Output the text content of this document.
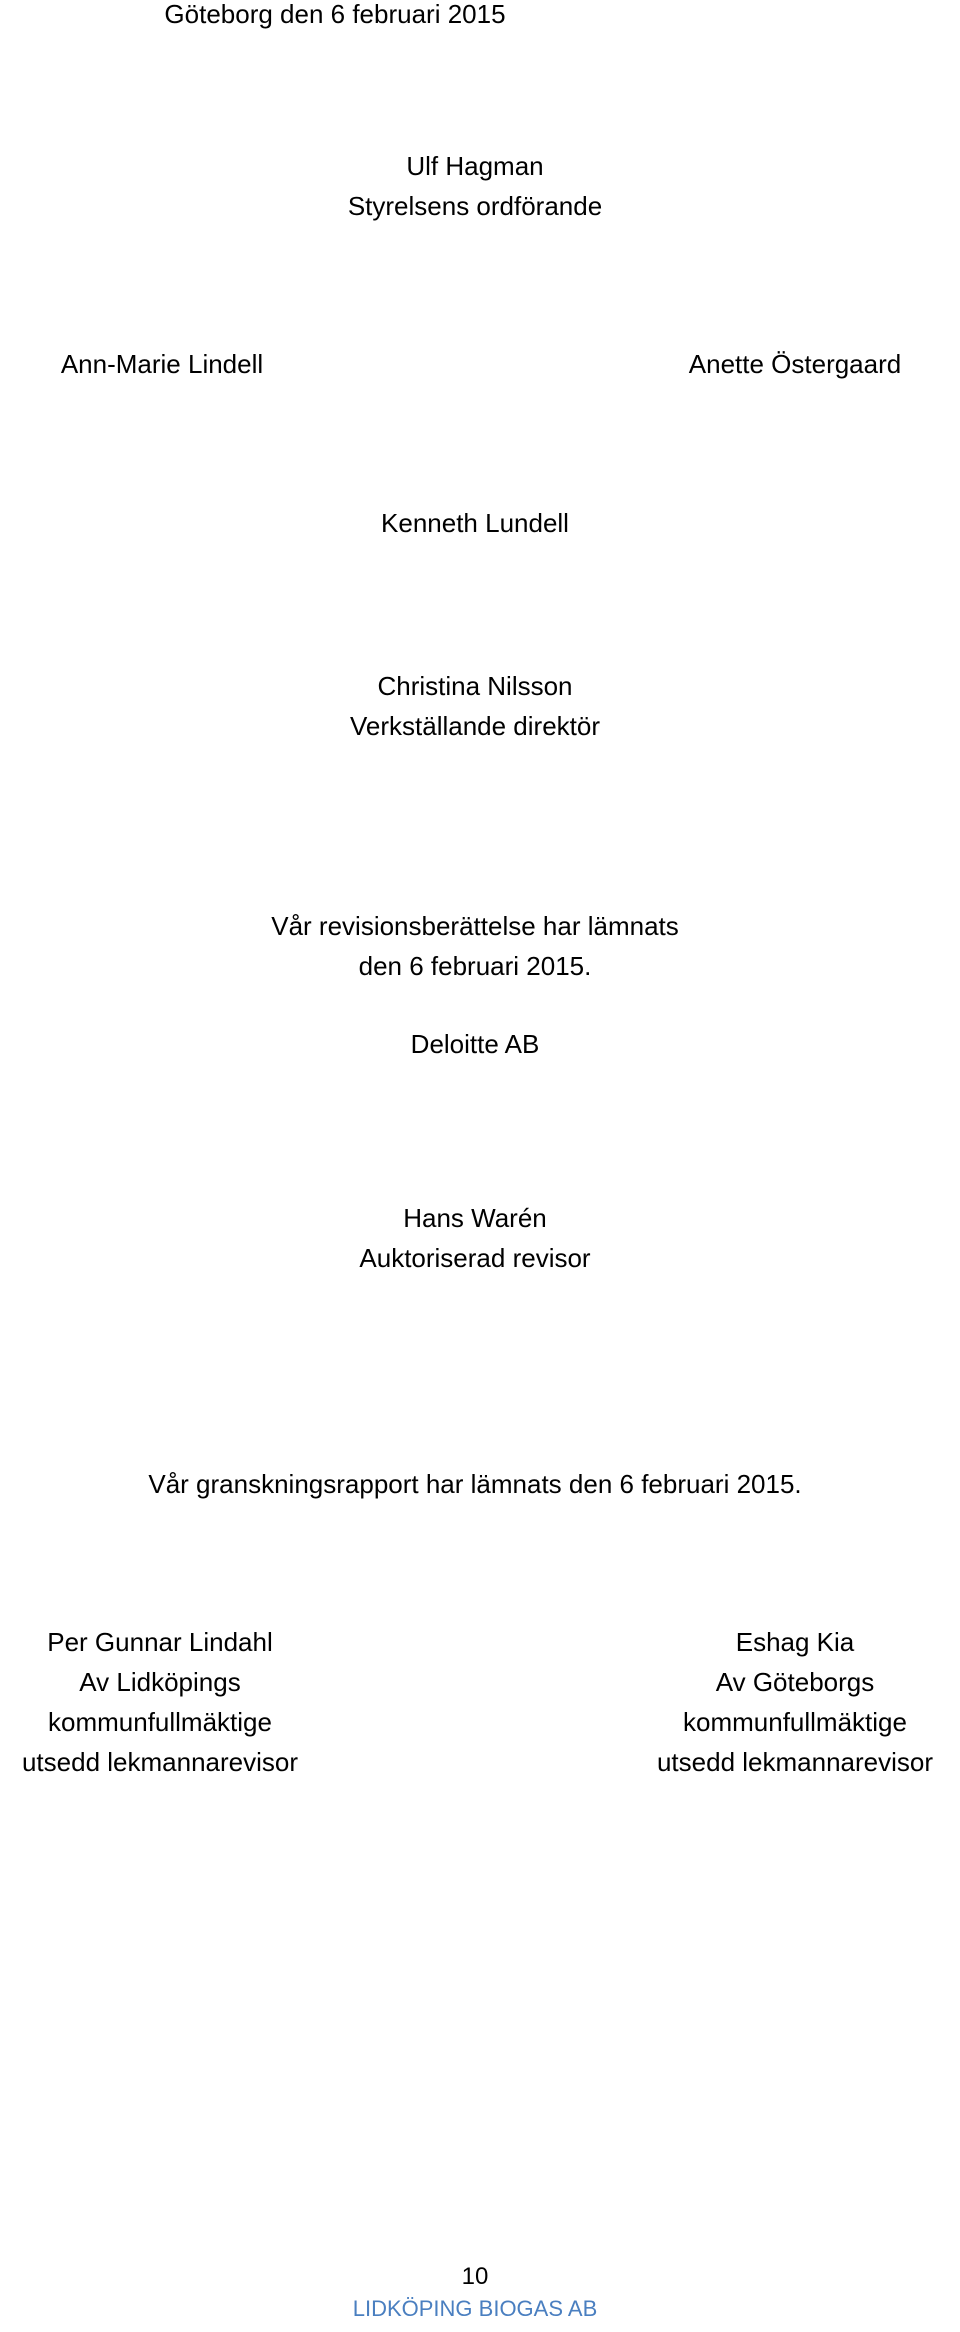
Göteborg den 6 februari 2015
Ulf Hagman
Styrelsens ordförande
Ann-Marie Lindell	Anette Östergaard
Kenneth Lundell
Christina Nilsson
Verkställande direktör
Vår revisionsberättelse har lämnats
den 6 februari 2015.
Deloitte AB
Hans Warén
Auktoriserad revisor
Vår granskningsrapport har lämnats den 6 februari 2015.
Per Gunnar Lindahl
Av Lidköpings
kommunfullmäktige
utsedd lekmannarevisor
Eshag Kia
Av Göteborgs
kommunfullmäktige
utsedd lekmannarevisor
10
LIDKÖPING BIOGAS AB
